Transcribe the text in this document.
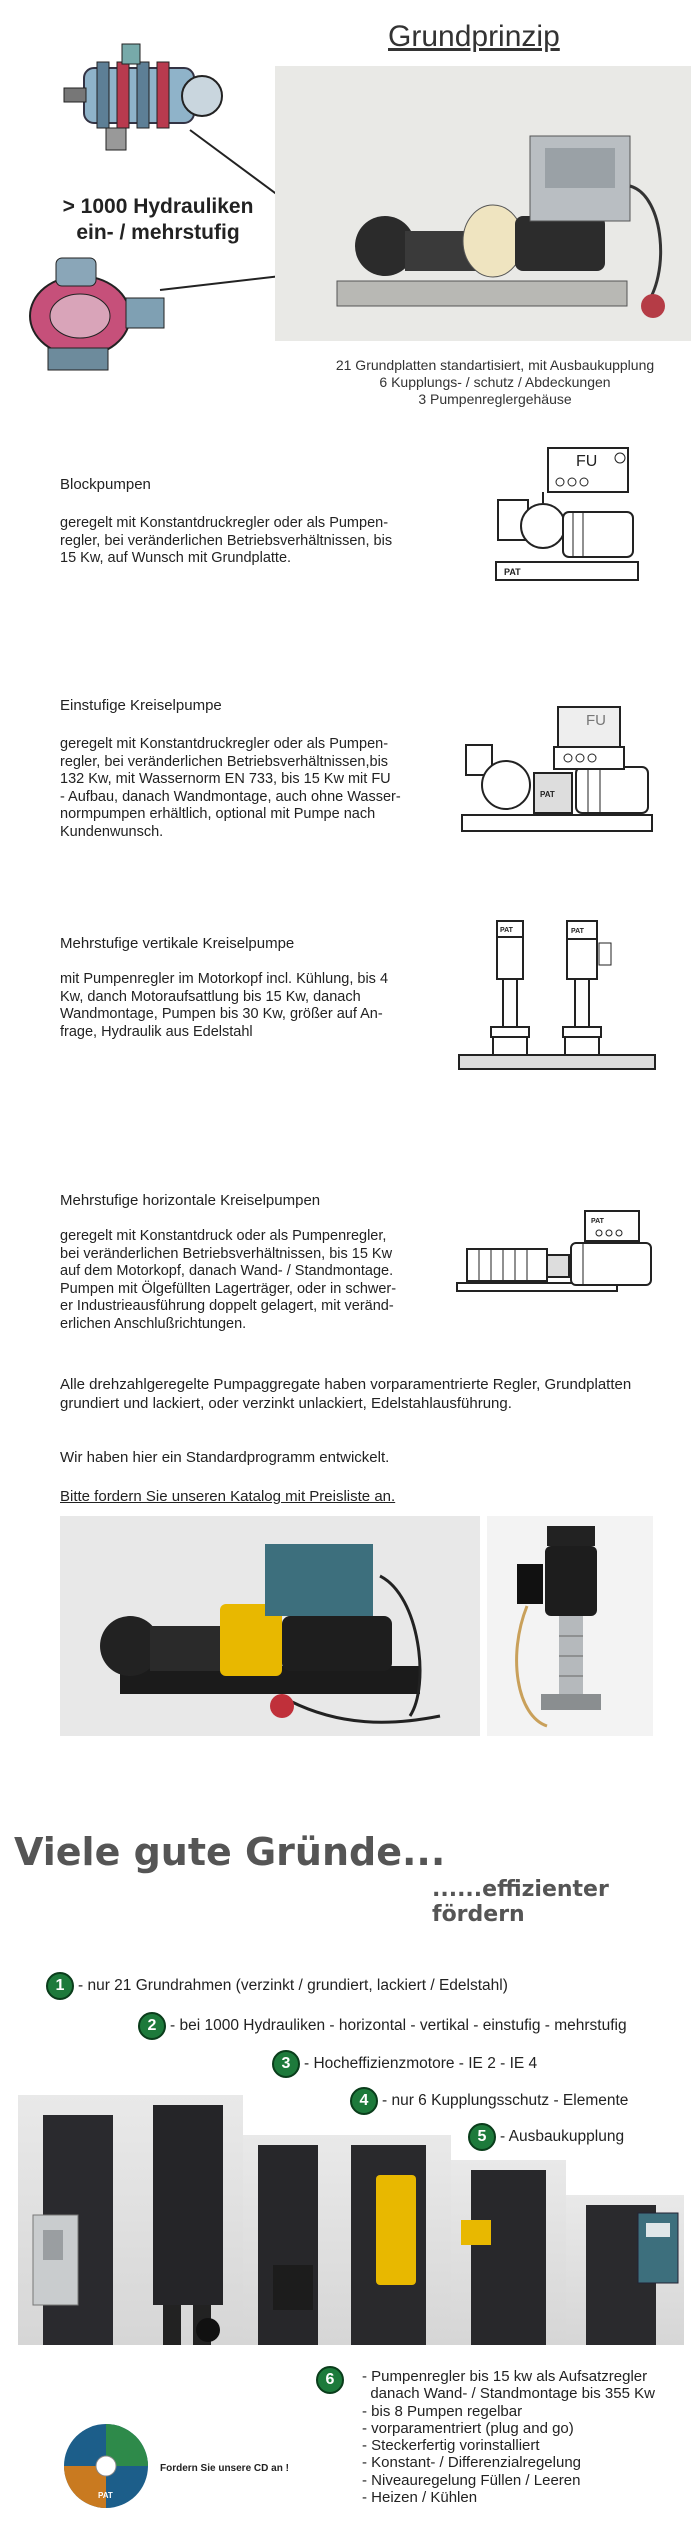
Grundprinzip
> 1000 Hydrauliken
ein- / mehrstufig
21 Grundplatten standartisiert, mit Ausbaukupplung
6 Kupplungs- / schutz / Abdeckungen
3 Pumpenreglergehäuse
Blockpumpen
geregelt mit Konstantdruckregler oder als Pumpen-
regler, bei veränderlichen Betriebsverhältnissen, bis
15 Kw, auf Wunsch mit Grundplatte.
PAT
FU
Einstufige Kreiselpumpe
geregelt mit Konstantdruckregler oder als Pumpen-
regler, bei veränderlichen Betriebsverhältnissen,bis
132 Kw, mit Wassernorm EN 733, bis 15 Kw mit FU
- Aufbau, danach Wandmontage, auch ohne Wasser-
normpumpen erhältlich, optional mit Pumpe nach
Kundenwunsch.
PAT
FU
Mehrstufige vertikale Kreiselpumpe
mit Pumpenregler im Motorkopf incl. Kühlung, bis 4
Kw, danch Motoraufsattlung bis 15 Kw, danach
Wandmontage, Pumpen bis 30 Kw, größer auf An-
frage, Hydraulik aus Edelstahl
PAT	PAT
Mehrstufige horizontale Kreiselpumpen
geregelt mit Konstantdruck oder als Pumpenregler,
bei veränderlichen Betriebsverhältnissen, bis 15 Kw
auf dem Motorkopf, danach Wand- / Standmontage.
Pumpen mit Ölgefüllten Lagerträger, oder in schwer-
er Industrieausführung doppelt gelagert, mit veränd-
erlichen Anschlußrichtungen.
PAT
Alle drehzahlgeregelte Pumpaggregate haben vorparamentrierte Regler, Grundplatten
grundiert und lackiert, oder verzinkt unlackiert, Edelstahlausführung.
Wir haben hier ein Standardprogramm entwickelt.
Bitte fordern Sie unseren Katalog mit Preisliste an.
Viele gute Gründe...
......effizienter fördern
1 - nur 21 Grundrahmen (verzinkt / grundiert, lackiert / Edelstahl)
2 - bei 1000 Hydrauliken - horizontal - vertikal - einstufig - mehrstufig
3 - Hocheffizienzmotore - IE 2 - IE 4
4 - nur 6 Kupplungsschutz - Elemente
5 - Ausbaukupplung
6	- Pumpenregler bis 15 kw als Aufsatzregler
danach Wand- / Standmontage bis 355 Kw
- bis 8 Pumpen regelbar
- vorparamentriert (plug and go)
- Steckerfertig vorinstalliert
- Konstant- / Differenzialregelung
- Niveauregelung Füllen / Leeren
- Heizen / Kühlen
PAT
Fordern Sie unsere CD an !
